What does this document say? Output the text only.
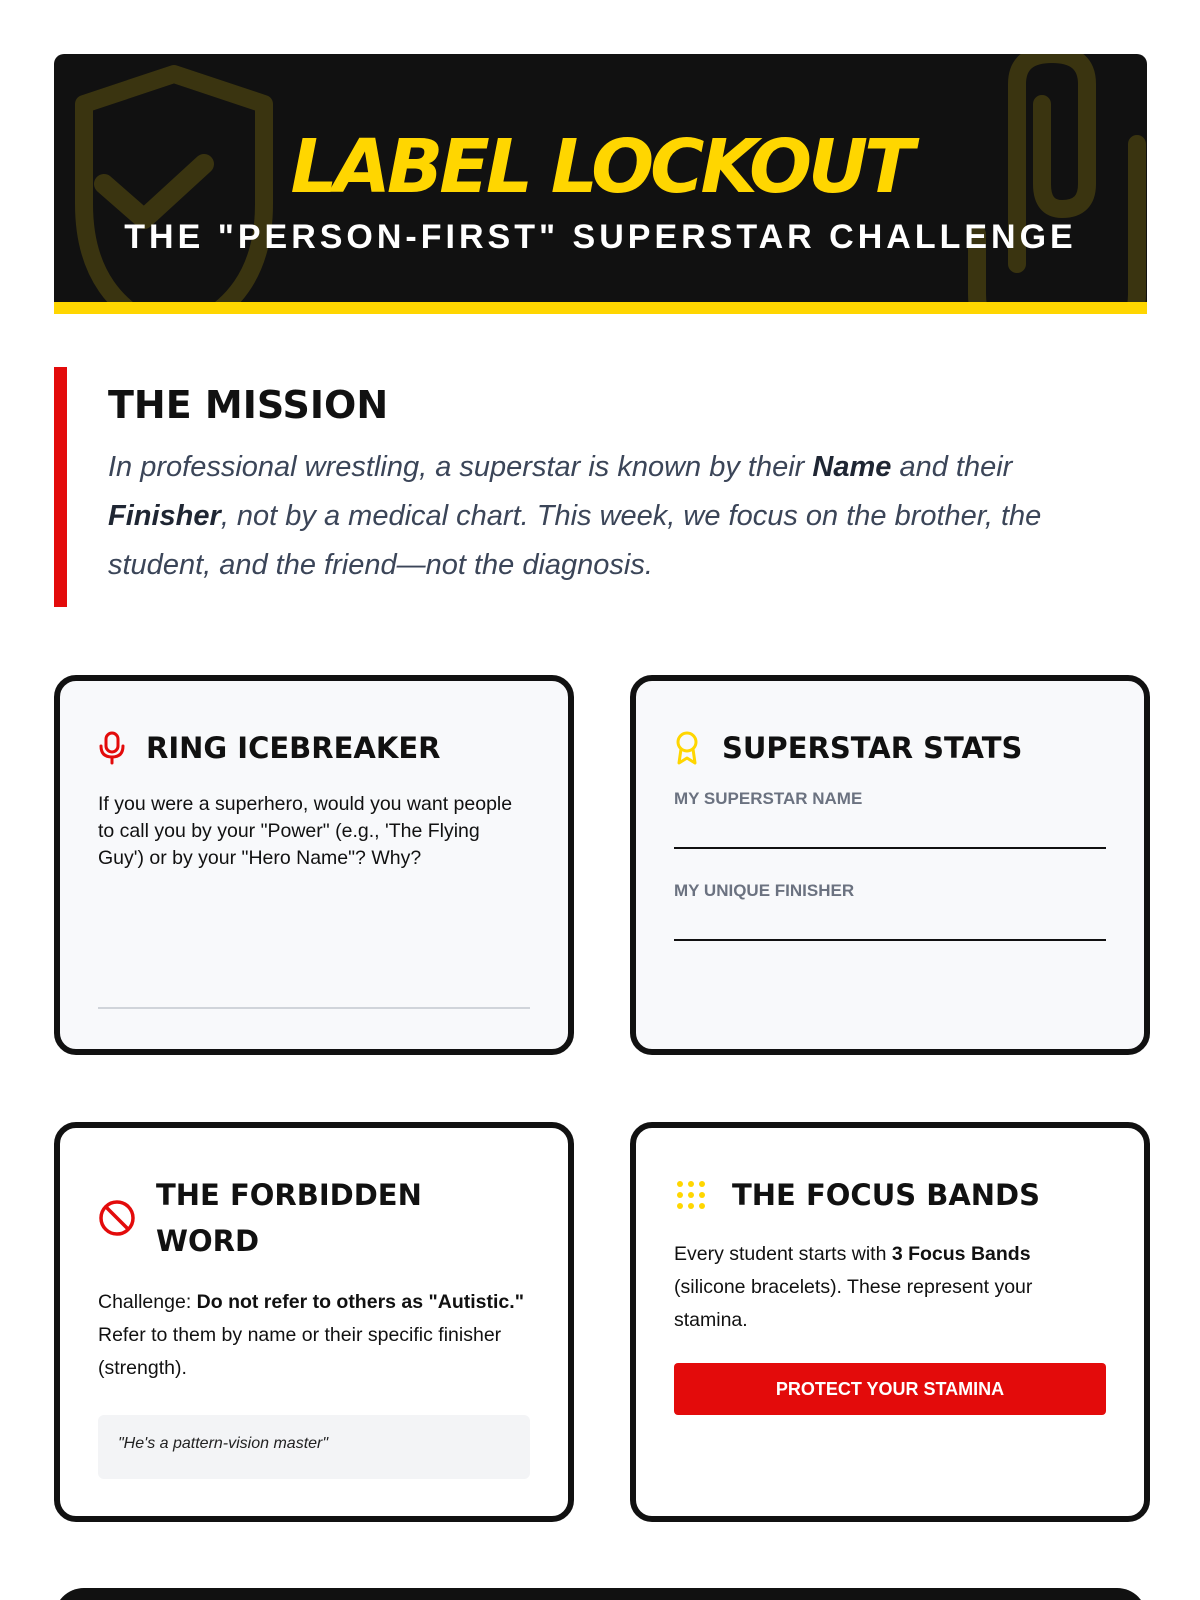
LABEL LOCKOUT
THE "PERSON-FIRST" SUPERSTAR CHALLENGE
THE MISSION
In professional wrestling, a superstar is known by their Name and their Finisher, not by a medical chart. This week, we focus on the brother, the student, and the friend—not the diagnosis.
RING ICEBREAKER
If you were a superhero, would you want people to call you by your "Power" (e.g., 'The Flying Guy') or by your "Hero Name"? Why?
SUPERSTAR STATS
MY SUPERSTAR NAME
MY UNIQUE FINISHER
THE FORBIDDEN WORD
Challenge: Do not refer to others as "Autistic." Refer to them by name or their specific finisher (strength).
"He's a pattern-vision master"
THE FOCUS BANDS
Every student starts with 3 Focus Bands (silicone bracelets). These represent your stamina.
PROTECT YOUR STAMINA
